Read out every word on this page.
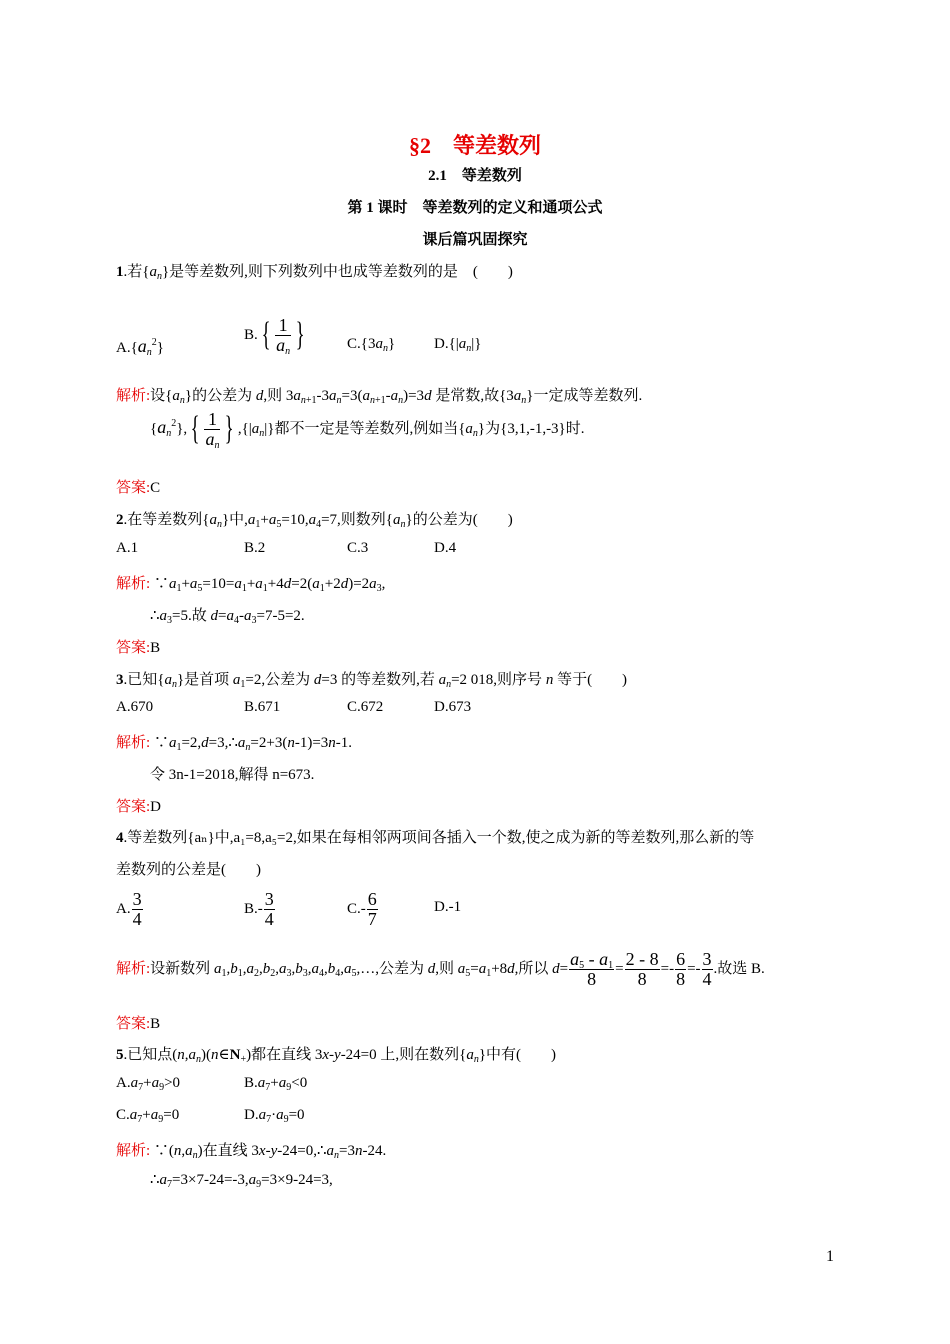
§2　等差数列
2.1　等差数列
第 1 课时　等差数列的定义和通项公式
课后篇巩固探究
1.若$\{a_n\}$是等差数列,则下列数列中也成等差数列的是　(　　)
$A.\{a_n^2\}$
B. { $\frac{1}{a_n}$ }	$C.\{3a_n\}$	$D.\{|a_n|\}$
解析:设$\{a_n\}$的公差为 d,则 $3a_{n+1}-3a_n=3(a_{n+1}-a_n)=3d$ 是常数,故$\{3a_n\}$一定成等差数列.
$\{a_n^2\}$, { $\frac{1}{a_n}$ } $,\{|a_n|\}$都不一定是等差数列,例如当$\{a_n\}$为{3,1,-1,-3}时.
答案:C
2.在等差数列$\{a_n\}$中$,a_1+a_5=10,a_4=7$,则数列$\{a_n\}$的公差为(　　)
A.1	B.2	C.3	D.4
解析: $\because a_1+a_5=10=a_1+a_1+4d=2(a_1+2d)=2a_3$,
$\therefore a_3=5$.故 $d=a_4-a_3=7-5=2$.
答案:B
3.已知$\{a_n\}$是首项 $a_1=2$,公差为 d=3 的等差数列,若 $a_n=2$ 018,则序号 n 等于(　　)
A.670	B.671	C.672	D.673
解析: $\because a_1=2,d=3,\therefore a_n=2+3(n-1)=3n-1$.
令 3n-1=2018,解得 n=673.
答案:D
4.等差数列{aₙ}中,a₁=8,a₅=2,如果在每相邻两项间各插入一个数,使之成为新的等差数列,那么新的等
差数列的公差是(　　)
A. $\frac{3}{4}$	$B.- \frac{3}{4}$	$C.- \frac{6}{7}$	D.-1
解析:设新数列 $a_1,b_1,a_2,b_2,a_3,b_3,a_4,b_4,a_5,\dots$,公差为 d,则 $a_5=a_1+8d$,所以 $d= \frac{a_5 - a_1}{8} = \frac{2 - 8}{8} =- \frac{6}{8} =- \frac{3}{4}$ .故选 B.
答案:B
5.已知点$(n,a_n)(n\in N_+)$都在直线 3x-y-24=0 上,则在数列$\{a_n\}$中有(　　)
$A.a_7+a_9>0$	$B.a_7+a_9<0$
$C.a_7+a_9=0$	$D.a_7\cdot a_9=0$
解析: $\because(n,a_n)$在直线 $3x-y-24=0,\therefore a_n=3n-24$.
$\therefore a_7=3\times 7-24=-3,a_9=3\times 9-24=3$,
1
